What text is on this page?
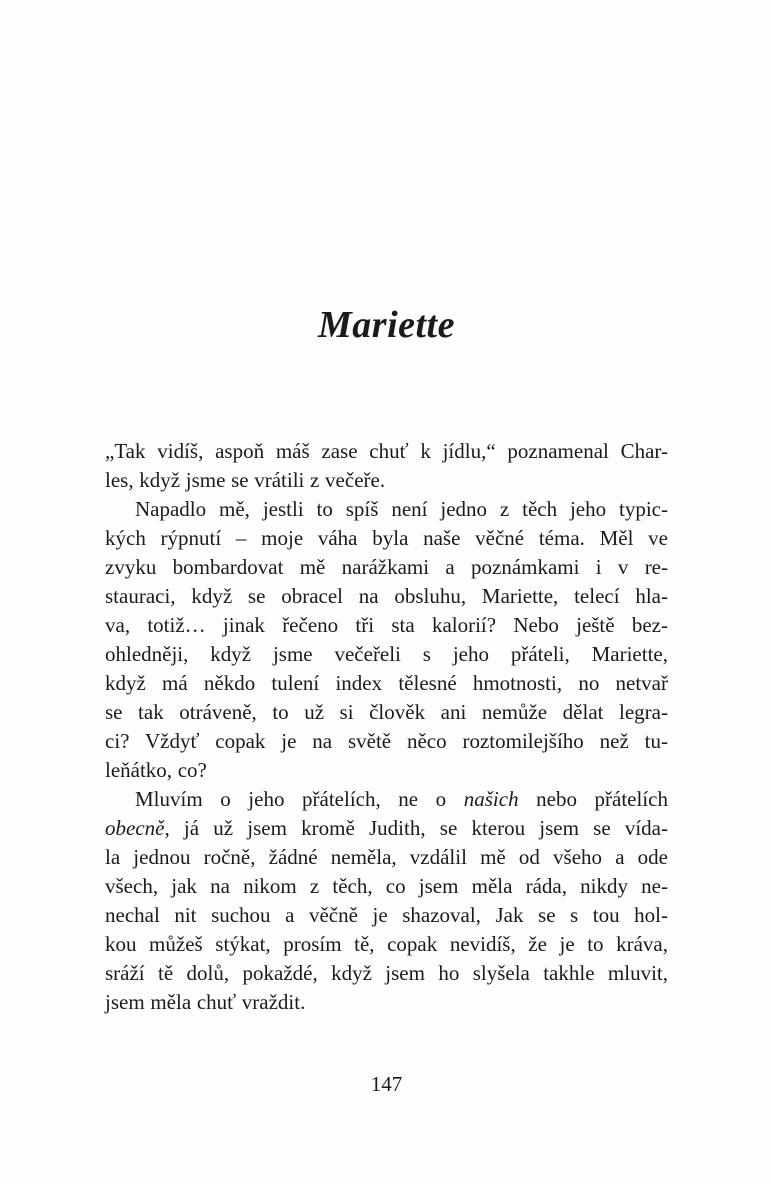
Mariette
„Tak vidíš, aspoň máš zase chuť k jídlu,“ poznamenal Char-
les, když jsme se vrátili z večeře.
Napadlo mě, jestli to spíš není jedno z těch jeho typic-
kých rýpnutí – moje váha byla naše věčné téma. Měl ve
zvyku bombardovat mě narážkami a poznámkami i v re-
stauraci, když se obracel na obsluhu, Mariette, telecí hla-
va, totiž… jinak řečeno tři sta kalorií? Nebo ještě bez-
ohledněji, když jsme večeřeli s jeho přáteli, Mariette,
když má někdo tulení index tělesné hmotnosti, no netvař
se tak otráveně, to už si člověk ani nemůže dělat legra-
ci? Vždyť copak je na světě něco roztomilejšího než tu-
leňátko, co?
Mluvím o jeho přátelích, ne o našich nebo přátelích
obecně, já už jsem kromě Judith, se kterou jsem se vída-
la jednou ročně, žádné neměla, vzdálil mě od všeho a ode
všech, jak na nikom z těch, co jsem měla ráda, nikdy ne-
nechal nit suchou a věčně je shazoval, Jak se s tou hol-
kou můžeš stýkat, prosím tě, copak nevidíš, že je to kráva,
sráží tě dolů, pokaždé, když jsem ho slyšela takhle mluvit,
jsem měla chuť vraždit.
147
